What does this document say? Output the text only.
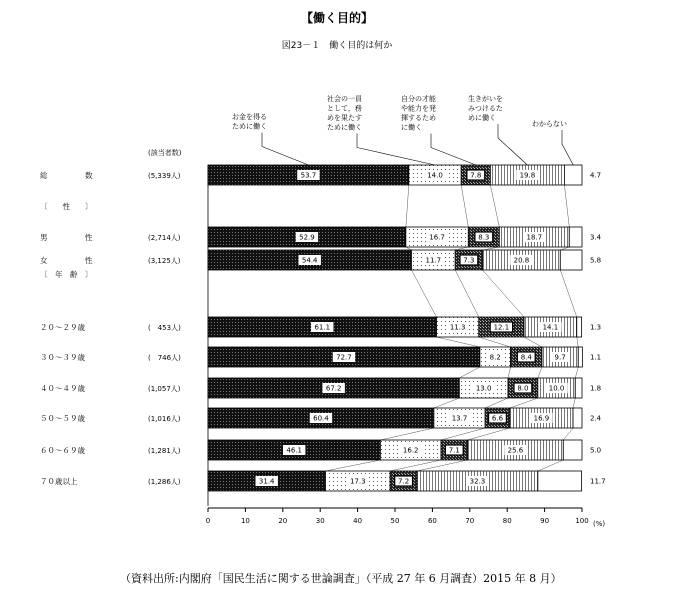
【働く目的】
図23－１　働く目的は何か
(該当者数)
(%)
お金を得る
ために働く
社会の一員
として，務
めを果たす
ために働く
自分の才能
や能力を発
揮するため
に働く
生きがいを
みつけるた
めに働く
わからない
総　　　　　数	(5,339人)	53.7	14.0	7.8	19.8	4.7
〔　　性　　〕
男　　　　　性	(2,714人)	52.9	16.7	8.3	18.7	3.4
女　　　　　性	(3,125人)	54.4	11.7	7.3	20.8	5.8
〔　年　齢　〕
２０～２９歳	(　453人)	61.1	11.3	12.1	14.1	1.3
３０～３９歳	(　746人)	72.7	8.2	8.4	9.7	1.1
４０～４９歳	(1,057人)	67.2	13.0	8.0	10.0	1.8
５０～５９歳	(1,016人)	60.4	13.7	6.6	16.9	2.4
６０～６９歳	(1,281人)	46.1	16.2	7.1	25.6	5.0
７０歳以上	(1,286人)	31.4	17.3	7.2	32.3	11.7
0	10	20	30	40	50	60	70	80	90	100
（資料出所:内閣府「国民生活に関する世論調査」（平成 27 年 6 月調査）2015 年 8 月）
